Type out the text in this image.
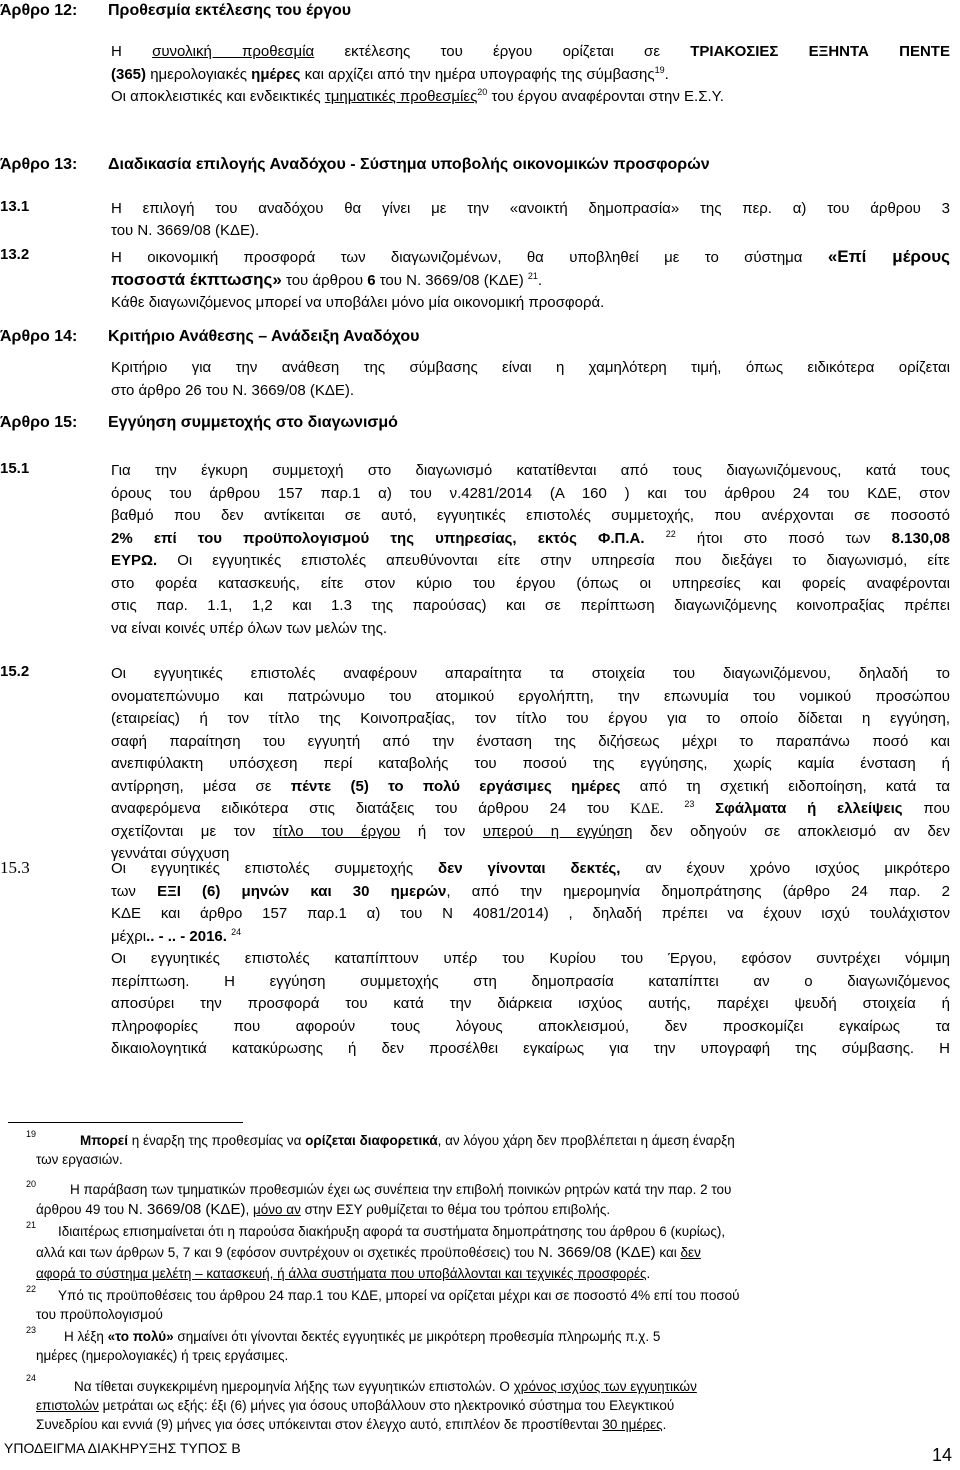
Άρθρο 12: Προθεσμία εκτέλεσης του έργου
Η συνολική προθεσμία εκτέλεσης του έργου ορίζεται σε ΤΡΙΑΚΟΣΙΕΣ ΕΞΗΝΤΑ ΠΕΝΤΕ
(365) ημερολογιακές ημέρες και αρχίζει από την ημέρα υπογραφής της σύμβασης$^{19}$.
Οι αποκλειστικές και ενδεικτικές τμηματικές προθεσμίες$^{20}$ του έργου αναφέρονται στην Ε.Σ.Υ.
Άρθρο 13: Διαδικασία επιλογής Αναδόχου - Σύστημα υποβολής οικονομικών προσφορών
13.1	Η επιλογή του αναδόχου θα γίνει με την «ανοικτή δημοπρασία» της περ. α) του άρθρου 3
του Ν. 3669/08 (ΚΔΕ).
13.2	Η οικονομική προσφορά των διαγωνιζομένων, θα υποβληθεί με το σύστημα «Επί μέρους
ποσοστά έκπτωσης» του άρθρου 6 του Ν. 3669/08 (ΚΔΕ) $^{21}$.
Κάθε διαγωνιζόμενος μπορεί να υποβάλει μόνο μία οικονομική προσφορά.
Άρθρο 14: Κριτήριο Ανάθεσης – Ανάδειξη Αναδόχου
Κριτήριο για την ανάθεση της σύμβασης είναι η χαμηλότερη τιμή, όπως ειδικότερα ορίζεται
στο άρθρο 26 του Ν. 3669/08 (ΚΔΕ).
Άρθρο 15: Εγγύηση συμμετοχής στο διαγωνισμό
15.1	Για την έγκυρη συμμετοχή στο διαγωνισμό κατατίθενται από τους διαγωνιζόμενους, κατά τους
όρους του άρθρου 157 παρ.1 α) του ν.4281/2014 (Α 160 ) και του άρθρου 24 του ΚΔΕ, στον
βαθμό που δεν αντίκειται σε αυτό, εγγυητικές επιστολές συμμετοχής, που ανέρχονται σε ποσοστό
2% επί του προϋπολογισμού της υπηρεσίας, εκτός Φ.Π.Α. $^{22}$ ήτοι στο ποσό των 8.130,08
ΕΥΡΩ. Οι εγγυητικές επιστολές απευθύνονται είτε στην υπηρεσία που διεξάγει το διαγωνισμό, είτε
στο φορέα κατασκευής, είτε στον κύριο του έργου (όπως οι υπηρεσίες και φορείς αναφέρονται
στις παρ. 1.1, 1,2 και 1.3 της παρούσας) και σε περίπτωση διαγωνιζόμενης κοινοπραξίας πρέπει
να είναι κοινές υπέρ όλων των μελών της.
15.2	Οι εγγυητικές επιστολές αναφέρουν απαραίτητα τα στοιχεία του διαγωνιζόμενου, δηλαδή το
ονοματεπώνυμο και πατρώνυμο του ατομικού εργολήπτη, την επωνυμία του νομικού προσώπου
(εταιρείας) ή τον τίτλο της Κοινοπραξίας, τον τίτλο του έργου για το οποίο δίδεται η εγγύηση,
σαφή παραίτηση του εγγυητή από την ένσταση της διζήσεως μέχρι το παραπάνω ποσό και
ανεπιφύλακτη υπόσχεση περί καταβολής του ποσού της εγγύησης, χωρίς καμία ένσταση ή
αντίρρηση, μέσα σε πέντε (5) το πολύ εργάσιμες ημέρες από τη σχετική ειδοποίηση, κατά τα
αναφερόμενα ειδικότερα στις διατάξεις του άρθρου 24 του ΚΔΕ. $^{23}$ Σφάλματα ή ελλείψεις που
σχετίζονται με τον τίτλο του έργου ή τον υπερού η εγγύηση δεν οδηγούν σε αποκλεισμό αν δεν
γεννάται σύγχυση
15.3	Οι εγγυητικές επιστολές συμμετοχής δεν γίνονται δεκτές, αν έχουν χρόνο ισχύος μικρότερο
των ΕΞΙ (6) μηνών και 30 ημερών, από την ημερομηνία δημοπράτησης (άρθρο 24 παρ. 2
ΚΔΕ και άρθρο 157 παρ.1 α) του Ν 4081/2014) , δηλαδή πρέπει να έχουν ισχύ τουλάχιστον
μέχρι.. - .. - 2016. $^{24}$
Οι εγγυητικές επιστολές καταπίπτουν υπέρ του Κυρίου του Έργου, εφόσον συντρέχει νόμιμη
περίπτωση. Η εγγύηση συμμετοχής στη δημοπρασία καταπίπτει αν ο διαγωνιζόμενος
αποσύρει την προσφορά του κατά την διάρκεια ισχύος αυτής, παρέχει ψευδή στοιχεία ή
πληροφορίες που αφορούν τους λόγους αποκλεισμού, δεν προσκομίζει εγκαίρως τα
δικαιολογητικά κατακύρωσης ή δεν προσέλθει εγκαίρως για την υπογραφή της σύμβασης. Η
19	Μπορεί η έναρξη της προθεσμίας να ορίζεται διαφορετικά, αν λόγου χάρη δεν προβλέπεται η άμεση έναρξη
των εργασιών.
20	Η παράβαση των τμηματικών προθεσμιών έχει ως συνέπεια την επιβολή ποινικών ρητρών κατά την παρ. 2 του
άρθρου 49 του Ν. 3669/08 (ΚΔΕ), μόνο αν στην ΕΣΥ ρυθμίζεται το θέμα του τρόπου επιβολής.
21	Ιδιαιτέρως επισημαίνεται ότι η παρούσα διακήρυξη αφορά τα συστήματα δημοπράτησης του άρθρου 6 (κυρίως),
αλλά και των άρθρων 5, 7 και 9 (εφόσον συντρέχουν οι σχετικές προϋποθέσεις) του Ν. 3669/08 (ΚΔΕ) και δεν
αφορά το σύστημα μελέτη – κατασκευή, ή άλλα συστήματα που υποβάλλονται και τεχνικές προσφορές.
22	Υπό τις προϋποθέσεις του άρθρου 24 παρ.1 του ΚΔΕ, μπορεί να ορίζεται μέχρι και σε ποσοστό 4% επί του ποσού
του προϋπολογισμού
23	Η λέξη «το πολύ» σημαίνει ότι γίνονται δεκτές εγγυητικές με μικρότερη προθεσμία πληρωμής π.χ. 5
ημέρες (ημερολογιακές) ή τρεις εργάσιμες.
24
Να τίθεται συγκεκριμένη ημερομηνία λήξης των εγγυητικών επιστολών. Ο χρόνος ισχύος των εγγυητικών
επιστολών μετράται ως εξής: έξι (6) μήνες για όσους υποβάλλουν στο ηλεκτρονικό σύστημα του Ελεγκτικού
Συνεδρίου και εννιά (9) μήνες για όσες υπόκεινται στον έλεγχο αυτό, επιπλέον δε προστίθενται 30 ημέρες.
ΥΠΟΔΕΙΓΜΑ ΔΙΑΚΗΡΥΞΗΣ ΤΥΠΟΣ Β	14
